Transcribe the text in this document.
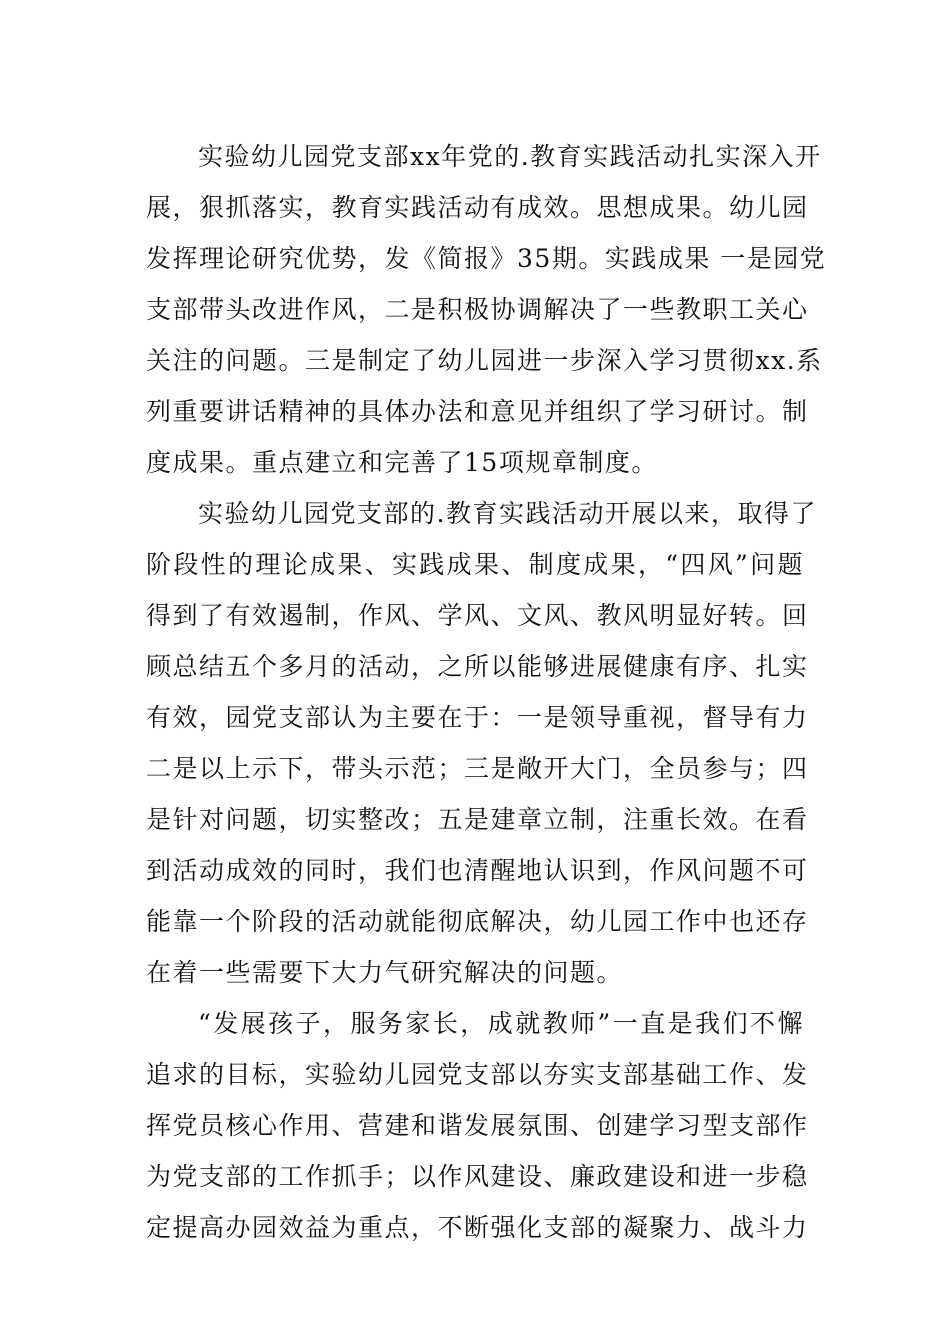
实验幼儿园党支部xx年党的.教育实践活动扎实深入开
展，狠抓落实，教育实践活动有成效。思想成果。幼儿园
发挥理论研究优势，发《简报》35期。实践成果 一是园党
支部带头改进作风，二是积极协调解决了一些教职工关心
关注的问题。三是制定了幼儿园进一步深入学习贯彻xx.系
列重要讲话精神的具体办法和意见并组织了学习研讨。制
度成果。重点建立和完善了15项规章制度。
实验幼儿园党支部的.教育实践活动开展以来，取得了
阶段性的理论成果、实践成果、制度成果，“四风”问题
得到了有效遏制，作风、学风、文风、教风明显好转。回
顾总结五个多月的活动，之所以能够进展健康有序、扎实
有效，园党支部认为主要在于：一是领导重视，督导有力
二是以上示下，带头示范；三是敞开大门，全员参与；四
是针对问题，切实整改；五是建章立制，注重长效。在看
到活动成效的同时，我们也清醒地认识到，作风问题不可
能靠一个阶段的活动就能彻底解决，幼儿园工作中也还存
在着一些需要下大力气研究解决的问题。
“发展孩子，服务家长，成就教师”一直是我们不懈
追求的目标，实验幼儿园党支部以夯实支部基础工作、发
挥党员核心作用、营建和谐发展氛围、创建学习型支部作
为党支部的工作抓手；以作风建设、廉政建设和进一步稳
定提高办园效益为重点，不断强化支部的凝聚力、战斗力
